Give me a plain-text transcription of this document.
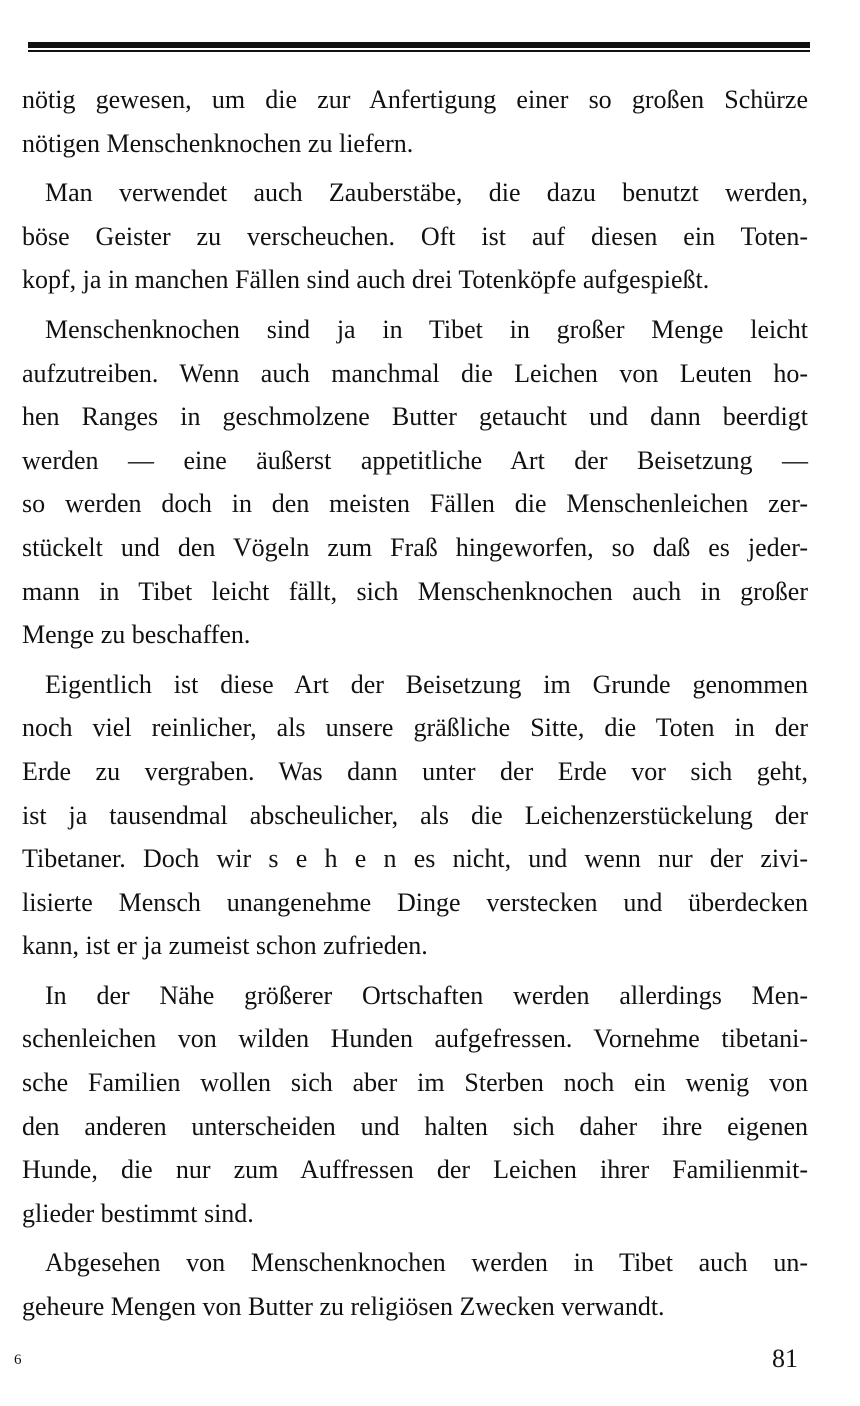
nötig gewesen, um die zur Anfertigung einer so großen Schürze
nötigen Menschenknochen zu liefern.
Man verwendet auch Zauberstäbe, die dazu benutzt werden,
böse Geister zu verscheuchen. Oft ist auf diesen ein Toten-
kopf, ja in manchen Fällen sind auch drei Totenköpfe aufgespießt.
Menschenknochen sind ja in Tibet in großer Menge leicht
aufzutreiben. Wenn auch manchmal die Leichen von Leuten ho-
hen Ranges in geschmolzene Butter getaucht und dann beerdigt
werden — eine äußerst appetitliche Art der Beisetzung —
so werden doch in den meisten Fällen die Menschenleichen zer-
stückelt und den Vögeln zum Fraß hingeworfen, so daß es jeder-
mann in Tibet leicht fällt, sich Menschenknochen auch in großer
Menge zu beschaffen.
Eigentlich ist diese Art der Beisetzung im Grunde genommen
noch viel reinlicher, als unsere gräßliche Sitte, die Toten in der
Erde zu vergraben. Was dann unter der Erde vor sich geht,
ist ja tausendmal abscheulicher, als die Leichenzerstückelung der
Tibetaner. Doch wir s e h e n es nicht, und wenn nur der zivi-
lisierte Mensch unangenehme Dinge verstecken und überdecken
kann, ist er ja zumeist schon zufrieden.
In der Nähe größerer Ortschaften werden allerdings Men-
schenleichen von wilden Hunden aufgefressen. Vornehme tibetani-
sche Familien wollen sich aber im Sterben noch ein wenig von
den anderen unterscheiden und halten sich daher ihre eigenen
Hunde, die nur zum Auffressen der Leichen ihrer Familienmit-
glieder bestimmt sind.
Abgesehen von Menschenknochen werden in Tibet auch un-
geheure Mengen von Butter zu religiösen Zwecken verwandt.
6	81
